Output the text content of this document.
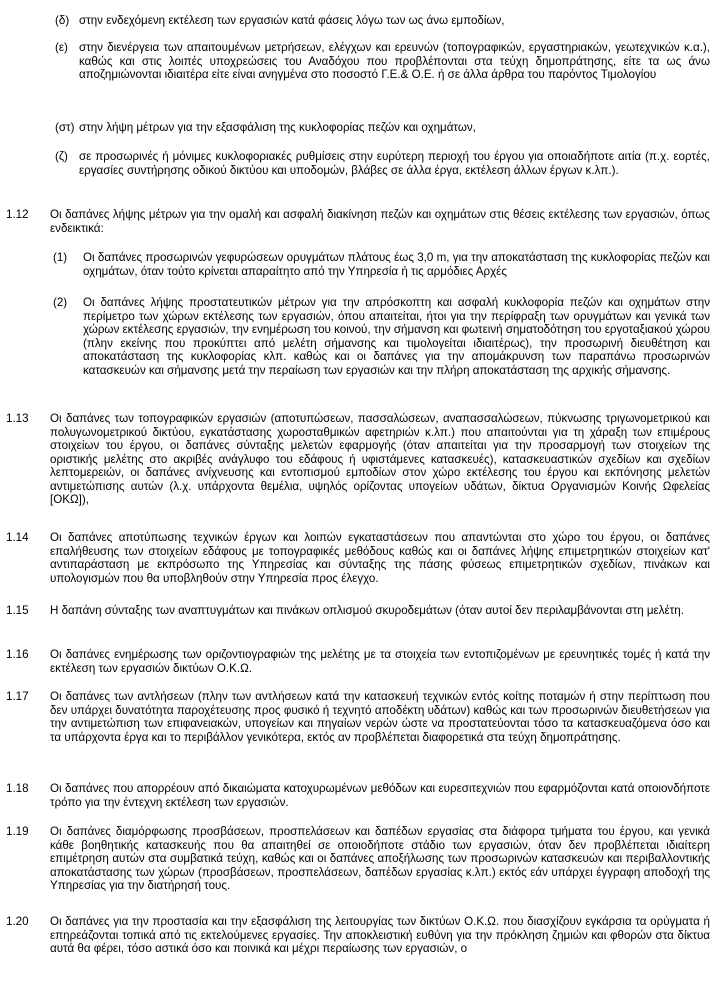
(δ) στην ενδεχόμενη εκτέλεση των εργασιών κατά φάσεις λόγω των ως άνω εμποδίων,
(ε) στην διενέργεια των απαιτουμένων μετρήσεων, ελέγχων και ερευνών (τοπογραφικών, εργαστηριακών, γεωτεχνικών κ.α.), καθώς και στις λοιπές υποχρεώσεις του Αναδόχου που προβλέπονται στα τεύχη δημοπράτησης, είτε τα ως άνω αποζημιώνονται ιδιαιτέρα είτε είναι ανηγμένα στο ποσοστό Γ.Ε.& Ο.Ε. ή σε άλλα άρθρα του παρόντος Τιμολογίου
(στ) στην λήψη μέτρων για την εξασφάλιση της κυκλοφορίας πεζών και οχημάτων,
(ζ) σε προσωρινές ή μόνιμες κυκλοφοριακές ρυθμίσεις στην ευρύτερη περιοχή του έργου για οποιαδήποτε αιτία (π.χ. εορτές, εργασίες συντήρησης οδικού δικτύου και υποδομών, βλάβες σε άλλα έργα, εκτέλεση άλλων έργων κ.λπ.).
1.12 Οι δαπάνες λήψης μέτρων για την ομαλή και ασφαλή διακίνηση πεζών και οχημάτων στις θέσεις εκτέλεσης των εργασιών, όπως ενδεικτικά:
(1) Οι δαπάνες προσωρινών γεφυρώσεων ορυγμάτων πλάτους έως 3,0 m, για την αποκατάσταση της κυκλοφορίας πεζών και οχημάτων, όταν τούτο κρίνεται απαραίτητο από την Υπηρεσία ή τις αρμόδιες Αρχές
(2) Οι δαπάνες λήψης προστατευτικών μέτρων για την απρόσκοπτη και ασφαλή κυκλοφορία πεζών και οχημάτων στην περίμετρο των χώρων εκτέλεσης των εργασιών, όπου απαιτείται, ήτοι για την περίφραξη των ορυγμάτων και γενικά των χώρων εκτέλεσης εργασιών, την ενημέρωση του κοινού, την σήμανση και φωτεινή σηματοδότηση του εργοταξιακού χώρου (πλην εκείνης που προκύπτει από μελέτη σήμανσης και τιμολογείται ιδιαιτέρως), την προσωρινή διευθέτηση και αποκατάσταση της κυκλοφορίας κλπ. καθώς και οι δαπάνες για την απομάκρυνση των παραπάνω προσωρινών κατασκευών και σήμανσης μετά την περαίωση των εργασιών και την πλήρη αποκατάσταση της αρχικής σήμανσης.
1.13 Οι δαπάνες των τοπογραφικών εργασιών (αποτυπώσεων, πασσαλώσεων, αναπασσαλώσεων, πύκνωσης τριγωνομετρικού και πολυγωνομετρικού δικτύου, εγκατάστασης χωροσταθμικών αφετηριών κ.λπ.) που απαιτούνται για τη χάραξη των επιμέρους στοιχείων του έργου, οι δαπάνες σύνταξης μελετών εφαρμογής (όταν απαιτείται για την προσαρμογή των στοιχείων της οριστικής μελέτης στο ακριβές ανάγλυφο του εδάφους ή υφιστάμενες κατασκευές), κατασκευαστικών σχεδίων και σχεδίων λεπτομερειών, οι δαπάνες ανίχνευσης και εντοπισμού εμποδίων στον χώρο εκτέλεσης του έργου και εκπόνησης μελετών αντιμετώπισης αυτών (λ.χ. υπάρχοντα θεμέλια, υψηλός ορίζοντας υπογείων υδάτων, δίκτυα Οργανισμών Κοινής Ωφελείας [ΟΚΩ]),
1.14 Οι δαπάνες αποτύπωσης τεχνικών έργων και λοιπών εγκαταστάσεων που απαντώνται στο χώρο του έργου, οι δαπάνες επαλήθευσης των στοιχείων εδάφους με τοπογραφικές μεθόδους καθώς και οι δαπάνες λήψης επιμετρητικών στοιχείων κατ' αντιπαράσταση με εκπρόσωπο της Υπηρεσίας και σύνταξης της πάσης φύσεως επιμετρητικών σχεδίων, πινάκων και υπολογισμών που θα υποβληθούν στην Υπηρεσία προς έλεγχο.
1.15 Η δαπάνη σύνταξης των αναπτυγμάτων και πινάκων οπλισμού σκυροδεμάτων (όταν αυτοί δεν περιλαμβάνονται στη μελέτη.
1.16 Οι δαπάνες ενημέρωσης των οριζοντιογραφιών της μελέτης με τα στοιχεία των εντοπιζομένων με ερευνητικές τομές ή κατά την εκτέλεση των εργασιών δικτύων Ο.Κ.Ω.
1.17 Οι δαπάνες των αντλήσεων (πλην των αντλήσεων κατά την κατασκευή τεχνικών εντός κοίτης ποταμών ή στην περίπτωση που δεν υπάρχει δυνατότητα παροχέτευσης προς φυσικό ή τεχνητό αποδέκτη υδάτων) καθώς και των προσωρινών διευθετήσεων για την αντιμετώπιση των επιφανειακών, υπογείων και πηγαίων νερών ώστε να προστατεύονται τόσο τα κατασκευαζόμενα όσο και τα υπάρχοντα έργα και το περιβάλλον γενικότερα, εκτός αν προβλέπεται διαφορετικά στα τεύχη δημοπράτησης.
1.18 Οι δαπάνες που απορρέουν από δικαιώματα κατοχυρωμένων μεθόδων και ευρεσιτεχνιών που εφαρμόζονται κατά οποιονδήποτε τρόπο για την έντεχνη εκτέλεση των εργασιών.
1.19 Οι δαπάνες διαμόρφωσης προσβάσεων, προσπελάσεων και δαπέδων εργασίας στα διάφορα τμήματα του έργου, και γενικά κάθε βοηθητικής κατασκευής που θα απαιτηθεί σε οποιοδήποτε στάδιο των εργασιών, όταν δεν προβλέπεται ιδιαίτερη επιμέτρηση αυτών στα συμβατικά τεύχη, καθώς και οι δαπάνες αποξήλωσης των προσωρινών κατασκευών και περιβαλλοντικής αποκατάστασης των χώρων (προσβάσεων, προσπελάσεων, δαπέδων εργασίας κ.λπ.) εκτός εάν υπάρχει έγγραφη αποδοχή της Υπηρεσίας για την διατήρησή τους.
1.20 Οι δαπάνες για την προστασία και την εξασφάλιση της λειτουργίας των δικτύων Ο.Κ.Ω. που διασχίζουν εγκάρσια τα ορύγματα ή επηρεάζονται τοπικά από τις εκτελούμενες εργασίες. Την αποκλειστική ευθύνη για την πρόκληση ζημιών και φθορών στα δίκτυα αυτά θα φέρει, τόσο αστικά όσο και ποινικά και μέχρι περαίωσης των εργασιών, ο
